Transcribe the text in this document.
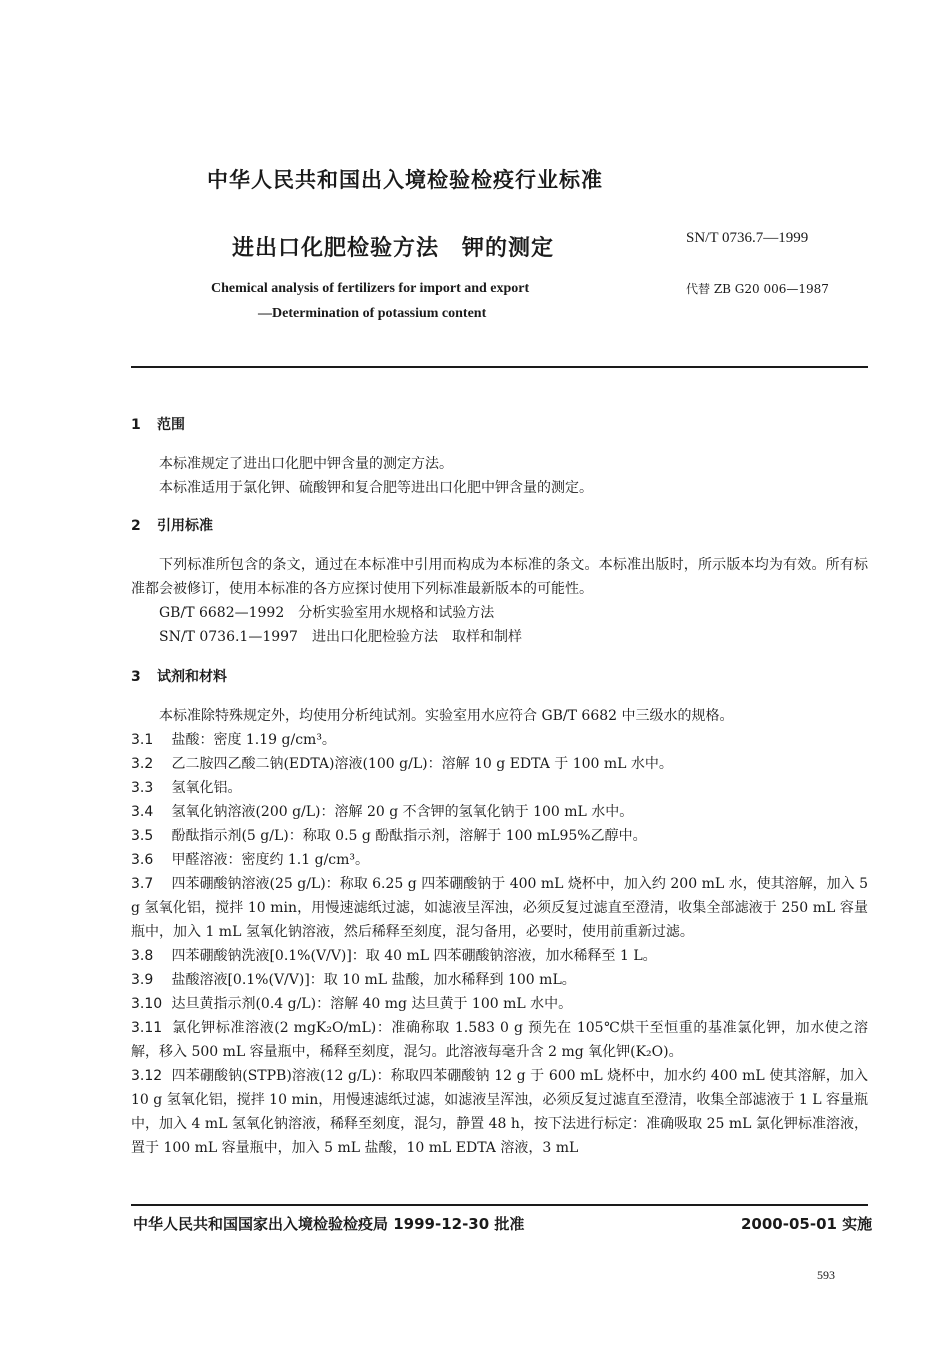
中华人民共和国出入境检验检疫行业标准
进出口化肥检验方法　钾的测定	SN/T 0736.7—1999
代替 ZB G20 006—1987
Chemical analysis of fertilizers for import and export
—Determination of potassium content
1 范围
本标准规定了进出口化肥中钾含量的测定方法。
本标准适用于氯化钾、硫酸钾和复合肥等进出口化肥中钾含量的测定。
2 引用标准
下列标准所包含的条文，通过在本标准中引用而构成为本标准的条文。本标准出版时，所示版本均为有效。所有标准都会被修订，使用本标准的各方应探讨使用下列标准最新版本的可能性。
GB/T 6682—1992　分析实验室用水规格和试验方法
SN/T 0736.1—1997　进出口化肥检验方法　取样和制样
3 试剂和材料
本标准除特殊规定外，均使用分析纯试剂。实验室用水应符合 GB/T 6682 中三级水的规格。
3.1 盐酸：密度 1.19 g/cm³。
3.2 乙二胺四乙酸二钠(EDTA)溶液(100 g/L)：溶解 10 g EDTA 于 100 mL 水中。
3.3 氢氧化铝。
3.4 氢氧化钠溶液(200 g/L)：溶解 20 g 不含钾的氢氧化钠于 100 mL 水中。
3.5 酚酞指示剂(5 g/L)：称取 0.5 g 酚酞指示剂，溶解于 100 mL95%乙醇中。
3.6 甲醛溶液：密度约 1.1 g/cm³。
3.7 四苯硼酸钠溶液(25 g/L)：称取 6.25 g 四苯硼酸钠于 400 mL 烧杯中，加入约 200 mL 水，使其溶解，加入 5 g 氢氧化铝，搅拌 10 min，用慢速滤纸过滤，如滤液呈浑浊，必须反复过滤直至澄清，收集全部滤液于 250 mL 容量瓶中，加入 1 mL 氢氧化钠溶液，然后稀释至刻度，混匀备用，必要时，使用前重新过滤。
3.8 四苯硼酸钠洗液[0.1%(V/V)]：取 40 mL 四苯硼酸钠溶液，加水稀释至 1 L。
3.9 盐酸溶液[0.1%(V/V)]：取 10 mL 盐酸，加水稀释到 100 mL。
3.10 达旦黄指示剂(0.4 g/L)：溶解 40 mg 达旦黄于 100 mL 水中。
3.11 氯化钾标准溶液(2 mgK₂O/mL)：准确称取 1.583 0 g 预先在 105℃烘干至恒重的基准氯化钾，加水使之溶解，移入 500 mL 容量瓶中，稀释至刻度，混匀。此溶液每毫升含 2 mg 氧化钾(K₂O)。
3.12 四苯硼酸钠(STPB)溶液(12 g/L)：称取四苯硼酸钠 12 g 于 600 mL 烧杯中，加水约 400 mL 使其溶解，加入 10 g 氢氧化铝，搅拌 10 min，用慢速滤纸过滤，如滤液呈浑浊，必须反复过滤直至澄清，收集全部滤液于 1 L 容量瓶中，加入 4 mL 氢氧化钠溶液，稀释至刻度，混匀，静置 48 h，按下法进行标定：准确吸取 25 mL 氯化钾标准溶液，置于 100 mL 容量瓶中，加入 5 mL 盐酸，10 mL EDTA 溶液，3 mL
中华人民共和国国家出入境检验检疫局 1999-12-30 批准	2000-05-01 实施
593
